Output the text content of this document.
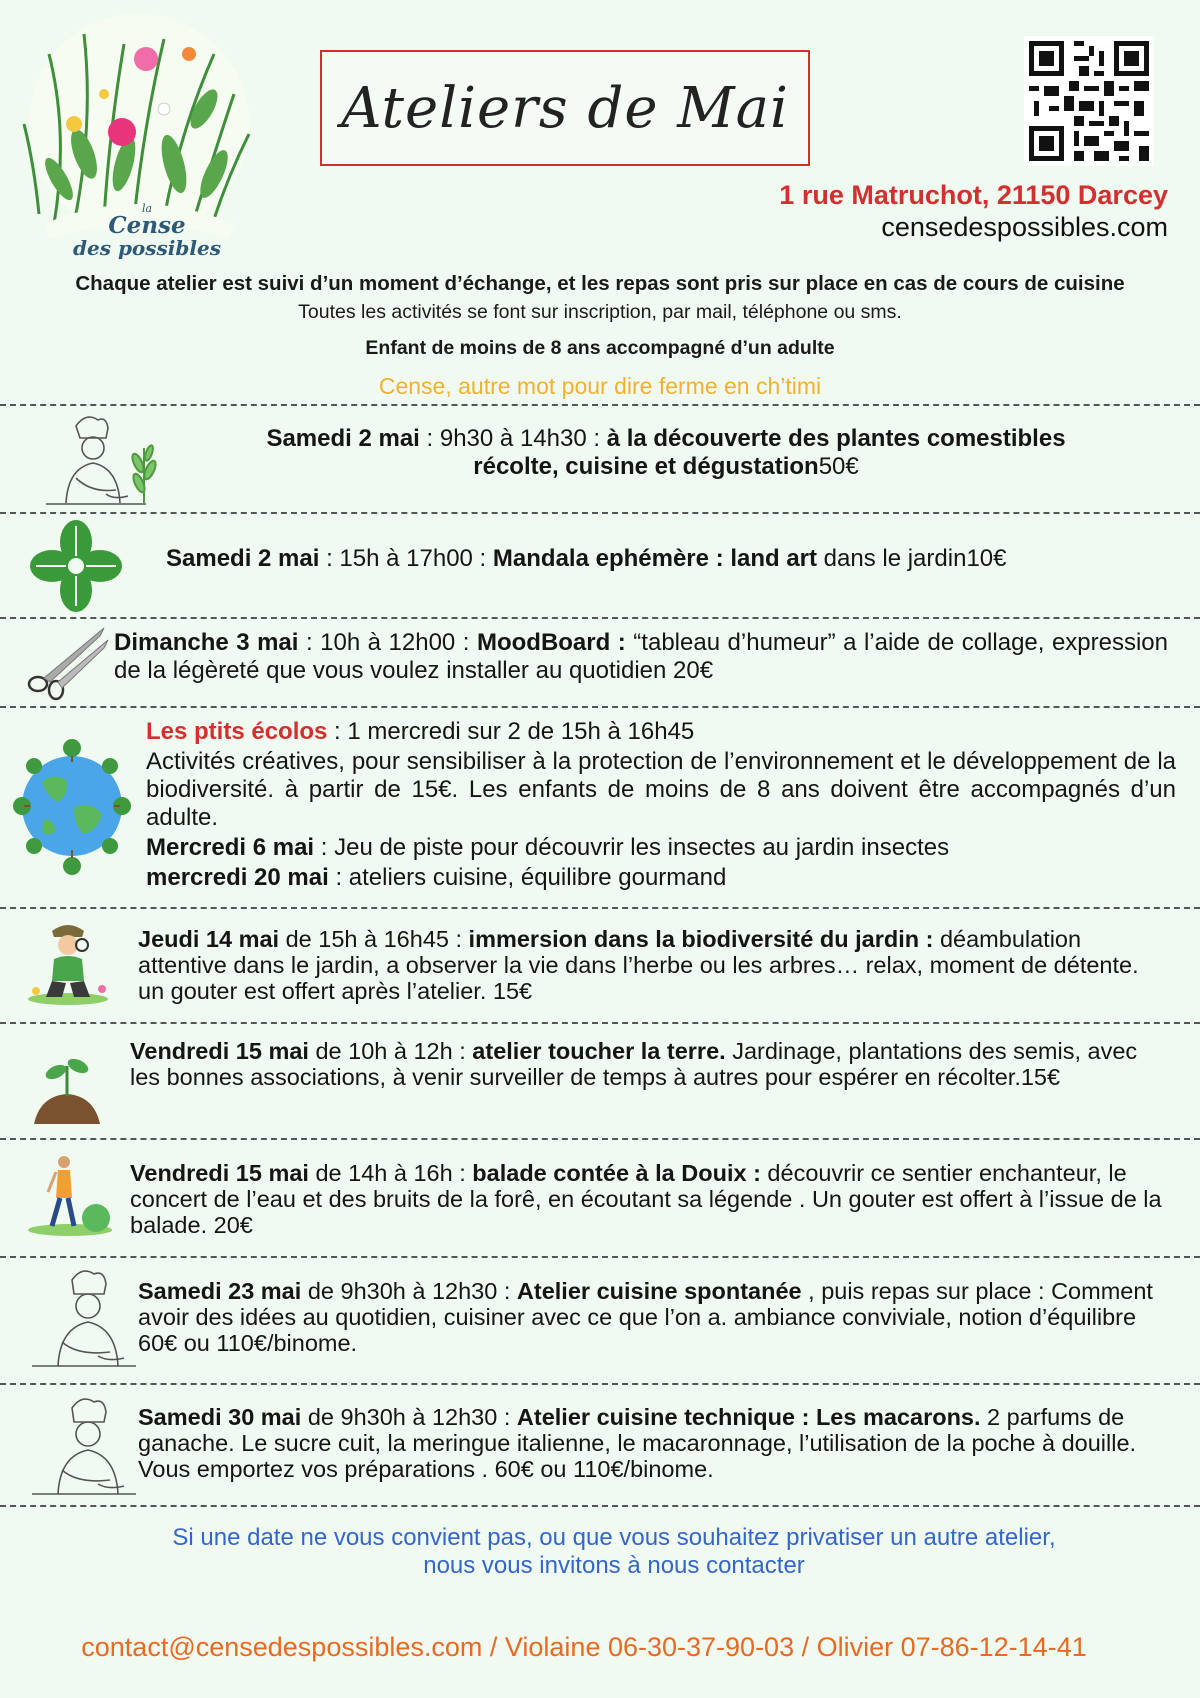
la
Cense
des possibles
Ateliers de Mai
1 rue Matruchot, 21150 Darcey
censedespossibles.com
Chaque atelier est suivi d’un moment d’échange, et les repas sont pris sur place en cas de cours de cuisine
Toutes les activités se font sur inscription, par mail, téléphone ou sms.
Enfant de moins de 8 ans accompagné d’un adulte
Cense, autre mot pour dire ferme en ch’timi

Samedi 2 mai : 9h30 à 14h30 : à la découverte des plantes comestibles

récolte, cuisine et dégustation50€

Samedi 2 mai : 15h à 17h00 : Mandala ephémère : land art dans le jardin10€

Dimanche 3 mai : 10h à 12h00 : MoodBoard : “tableau d’humeur” a l’aide de collage, expression de la légèreté que vous voulez installer au quotidien 20€

Les ptits écolos : 1 mercredi sur 2 de 15h à 16h45

Activités créatives, pour sensibiliser à la protection de l’environnement et le développement de la biodiversité. à partir de 15€. Les enfants de moins de 8 ans doivent être accompagnés d’un adulte.

Mercredi 6 mai : Jeu de piste pour découvrir les insectes au jardin insectes

mercredi 20 mai : ateliers cuisine, équilibre gourmand

Jeudi 14 mai de 15h à 16h45 : immersion dans la biodiversité du jardin : déambulation attentive dans le jardin, a observer la vie dans l’herbe ou les arbres… relax, moment de détente. un gouter est offert après l’atelier. 15€

Vendredi 15 mai de 10h à 12h : atelier toucher la terre. Jardinage, plantations des semis, avec les bonnes associations, à venir surveiller de temps à autres pour espérer en récolter.15€

Vendredi 15 mai de 14h à 16h : balade contée à la Douix : découvrir ce sentier enchanteur, le concert de l’eau et des bruits de la forê, en écoutant sa légende . Un gouter est offert à l’issue de la balade. 20€

Samedi 23 mai de 9h30h à 12h30 : Atelier cuisine spontanée , puis repas sur place : Comment avoir des idées au quotidien, cuisiner avec ce que l’on a. ambiance conviviale, notion d’équilibre 60€ ou 110€/binome.

Samedi 30 mai de 9h30h à 12h30 : Atelier cuisine technique : Les macarons. 2 parfums de ganache. Le sucre cuit, la meringue italienne, le macaronnage, l’utilisation de la poche à douille. Vous emportez vos préparations . 60€ ou 110€/binome.

Si une date ne vous convient pas, ou que vous souhaitez privatiser un autre atelier,

nous vous invitons à nous contacter

contact@censedespossibles.com / Violaine 06-30-37-90-03 / Olivier 07-86-12-14-41
